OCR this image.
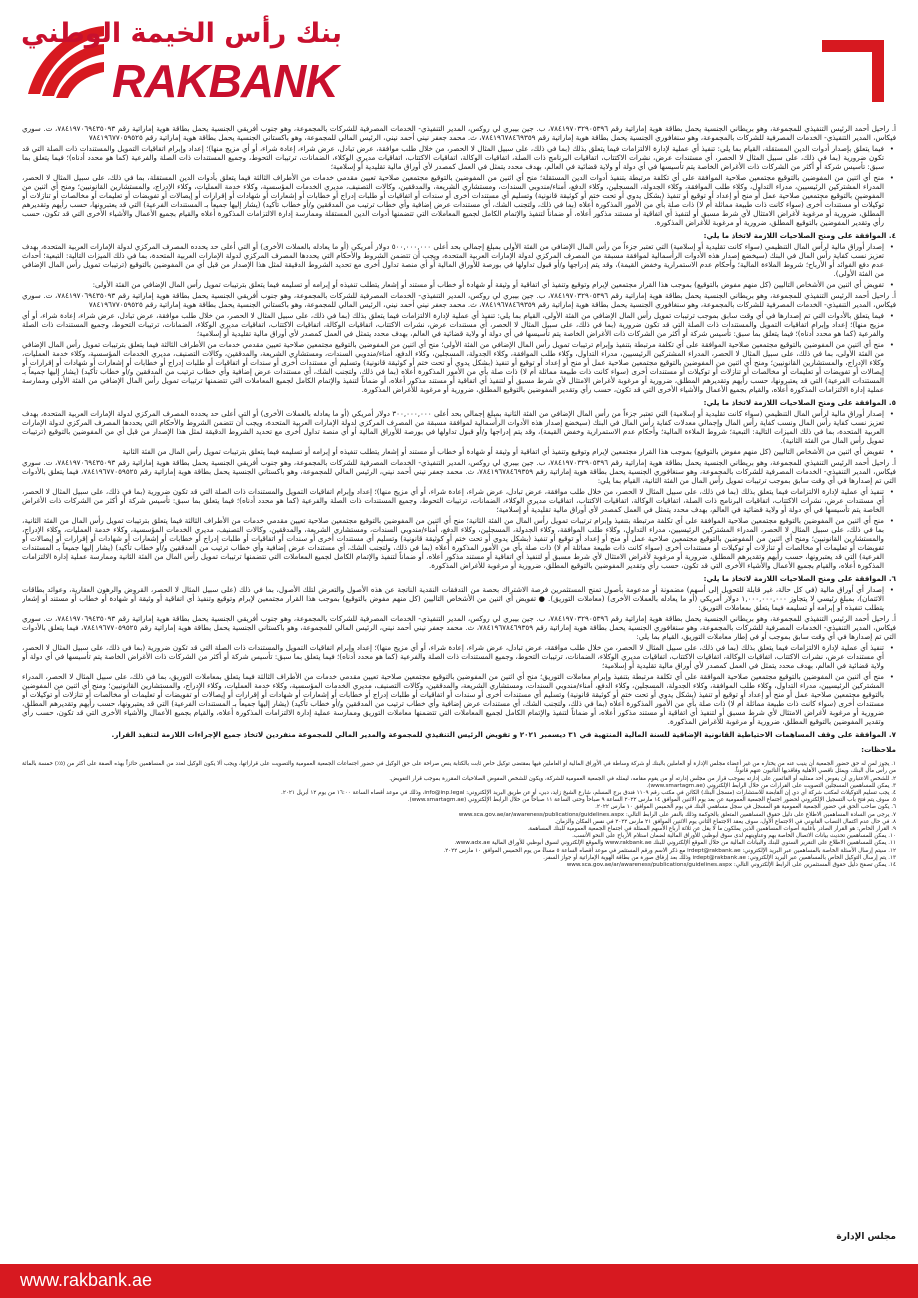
بنك رأس الخيمة الوطني
RAKBANK

أ. راحيل أحمد الرئيس التنفيذي للمجموعة، وهو بريطاني الجنسية يحمل بطاقة هوية إماراتية رقم ٧٨٤١٩٧٠٣٢٩٠٥٣٩٦، ب. جين بيبري لي روكس، المدير التنفيذي- الخدمات المصرفية للشركات بالمجموعة، وهو جنوب أفريقي الجنسية يحمل بطاقة هوية إماراتية رقم ٧٨٤١٩٧٠٦٩٤٣٥٠٩٣، ت. سوري فيكاس، المدير التنفيذي- الخدمات المصرفية للشركات بالمجموعة، وهو سنغافوري الجنسية يحمل بطاقة هوية إماراتية رقم ٧٨٤١٩٦٧٨٤٦٩٣٥٩، ث. محمد جعفر نيني أحمد نيني، الرئيس المالي للمجموعة، وهو باكستاني الجنسية يحمل بطاقة هوية إماراتية رقم ٧٨٤١٩٦٧٧٠٥٩٥٢٥

• فيما يتعلق بإصدار أدوات الدين المستقلة، القيام بما يلي: تنفيذ أي عملية لإدارة الالتزامات فيما يتعلق بذلك (بما في ذلك، على سبيل المثال لا الحصر، من خلال طلب موافقة، عرض تبادل، عرض شراء، إعادة شراء، أو أي مزيج منها)؛ إعداد وإبرام اتفاقيات التمويل والمستندات ذات الصلة التي قد تكون ضرورية (بما في ذلك، على سبيل المثال لا الحصر، أي مستندات عرض، نشرات الاكتتاب، اتفاقيات البرنامج ذات الصلة، اتفاقيات الوكالة، اتفاقيات الاكتتاب، اتفاقيات مديري الوكلاء، الضمانات، ترتيبات التحوط، وجميع المستندات ذات الصلة والفرعية (كما هو محدد أدناه)؛ فيما يتعلق بما سبق: تأسيس شركة أو أكثر من الشركات ذات الأغراض الخاصة يتم تأسيسها في أي دولة أو ولاية قضائية في العالم، بهدف محدد يتمثل في العمل كمصدر لأي أوراق مالية تقليدية أو إسلامية؛

• منح أي اثنين من المفوضين بالتوقيع مجتمعين صلاحية الموافقة على أي تكلفة مرتبطة بتنفيذ أدوات الدين المستقلة؛ منح أي اثنين من المفوضين بالتوقيع مجتمعين صلاحية تعيين مقدمي خدمات من الأطراف الثالثة فيما يتعلق بأدوات الدين المستقلة، بما في ذلك، على سبيل المثال لا الحصر، المدراء المشتركين الرئيسيين، مدراء التداول، وكلاء طلب الموافقة، وكلاء الجدولة، المسجلين، وكلاء الدفع، أمناء/مندوبي السندات، ومستشاري الشريعة، والمدققين، وكالات التصنيف، مديري الخدمات المؤسسية، وكلاء خدمة العمليات، وكلاء الإدراج، والمستشارين القانونيين؛ ومنح أي اثنين من المفوضين بالتوقيع مجتمعين صلاحية عمل أو منح أو إعداد أو توقيع أو تنفيذ (بشكل يدوي أو تحت ختم أو كوثيقة قانونية) وتسليم أي مستندات أخرى أو سندات أو اتفاقيات أو طلبات إدراج أو خطابات أو إشعارات أو شهادات أو إقرارات أو إيصالات أو تفويضات أو تعليمات أو مخالصات أو تنازلات أو توكيلات أو مستندات أخرى (سواء كانت ذات طبيعة مماثلة أم لا) ذات صلة بأي من الأمور المذكورة أعلاه (بما في ذلك، ولتجنب الشك، أي مستندات عرض إضافية وأي خطاب ترتيب من المدققين و/أو خطاب تأكيد) (يشار إليها جميعاً بـ المستندات الفرعية) التي قد يعتبرونها، حسب رأيهم وتقديرهم المطلق، ضرورية أو مرغوبة لأغراض الامتثال لأي شرط مسبق أو لتنفيذ أي اتفاقية أو مستند مذكور أعلاه، أو ضماناً لتنفيذ والإتمام الكامل لجميع المعاملات التي تتضمنها أدوات الدين المستقلة وممارسة إدارة الالتزامات المذكورة أعلاه والقيام بجميع الأعمال والأشياء الأخرى التي قد تكون، حسب رأي وتقدير المفوضين بالتوقيع المطلق، ضرورية أو مرغوبة للأغراض المذكورة.

٤. الموافقة على ومنح الصلاحيات اللازمة لاتخاذ ما يلي:

• إصدار أوراق مالية لرأس المال التنظيمي (سواء كانت تقليدية أو إسلامية) التي تعتبر جزءاً من رأس المال الإضافي من الفئة الأولى بمبلغ إجمالي بحد أعلى ٥٠٠,٠٠٠,٠٠٠ دولار أمريكي (أو ما يعادله بالعملات الأخرى) أو التي أعلى حد يحدده المصرف المركزي لدولة الإمارات العربية المتحدة، بهدف تعزيز نسب كفاية رأس المال في البنك (سيخضع إصدار هذه الأدوات الرأسمالية لموافقة مسبقة من المصرف المركزي لدولة الإمارات العربية المتحدة، ويجب أن تتضمن الشروط والأحكام التي يحددها المصرف المركزي لدولة الإمارات العربية المتحدة، بما في ذلك الميزات التالية: التبعية؛ أحداث عدم دفع الفوائد أو الأرباح؛ شروط الملاءة المالية؛ وأحكام عدم الاستمرارية وخفض القيمة)، وقد يتم إدراجها و/أو قبول تداولها في بورصة للأوراق المالية أو أي منصة تداول أخرى مع تحديد الشروط الدقيقة لمثل هذا الإصدار من قبل أي من المفوضين بالتوقيع (ترتيبات تمويل رأس المال الإضافي من الفئة الأولى).

• تفويض أي اثنين من الأشخاص التاليين (كل منهم مفوض بالتوقيع) بموجب هذا القرار مجتمعين لإبرام وتوقيع وتنفيذ أي اتفاقية أو وثيقة أو شهادة أو خطاب أو مستند أو إشعار يتطلب تنفيذه أو إبرامه أو تسليمه فيما يتعلق بترتيبات تمويل رأس المال الإضافي من الفئة الأولى:

أ. راحيل أحمد الرئيس التنفيذي للمجموعة، وهو بريطاني الجنسية يحمل بطاقة هوية إماراتية رقم ٧٨٤١٩٧٠٣٢٩٠٥٣٩٦، ب. جين بيبري لي روكس، المدير التنفيذي- الخدمات المصرفية للشركات بالمجموعة، وهو جنوب أفريقي الجنسية يحمل بطاقة هوية إماراتية رقم ٧٨٤١٩٧٠٦٩٤٣٥٠٩٣، ت. سوري فيكاس، المدير التنفيذي- الخدمات المصرفية للشركات بالمجموعة، وهو سنغافوري الجنسية يحمل بطاقة هوية إماراتية رقم ٧٨٤١٩٦٧٨٤٦٩٣٥٩، ث. محمد جعفر نيني أحمد نيني، الرئيس المالي للمجموعة، وهو باكستاني الجنسية يحمل بطاقة هوية إماراتية رقم ٧٨٤١٩٦٧٧٠٥٩٥٢٥

• فيما يتعلق بالأدوات التي تم إصدارها في أي وقت سابق بموجب ترتيبات تمويل رأس المال الإضافي من الفئة الأولى، القيام بما يلي: تنفيذ أي عملية لإدارة الالتزامات فيما يتعلق بذلك (بما في ذلك، على سبيل المثال لا الحصر، من خلال طلب موافقة، عرض تبادل، عرض شراء، إعادة شراء، أو أي مزيج منها)؛ إعداد وإبرام اتفاقيات التمويل والمستندات ذات الصلة التي قد تكون ضرورية (بما في ذلك، على سبيل المثال لا الحصر، أي مستندات عرض، نشرات الاكتتاب، اتفاقيات الوكالة، اتفاقيات الاكتتاب، اتفاقيات مديري الوكلاء، الضمانات، ترتيبات التحوط، وجميع المستندات ذات الصلة والفرعية (كما هو محدد أدناه)؛ فيما يتعلق بما سبق: تأسيس شركة أو أكثر من الشركات ذات الأغراض الخاصة يتم تأسيسها في أي دولة أو ولاية قضائية في العالم، بهدف محدد يتمثل في العمل كمصدر لأي أوراق مالية تقليدية أو إسلامية؛

• منح أي اثنين من المفوضين بالتوقيع مجتمعين صلاحية الموافقة على أي تكلفة مرتبطة بتنفيذ وإبرام ترتيبات تمويل رأس المال الإضافي من الفئة الأولى؛ منح أي اثنين من المفوضين بالتوقيع مجتمعين صلاحية تعيين مقدمي خدمات من الأطراف الثالثة فيما يتعلق بترتيبات تمويل رأس المال الإضافي من الفئة الأولى، بما في ذلك، على سبيل المثال لا الحصر، المدراء المشتركين الرئيسيين، مدراء التداول، وكلاء طلب الموافقة، وكلاء الجدولة، المسجلين، وكلاء الدفع، أمناء/مندوبي السندات، ومستشاري الشريعة، والمدققين، وكالات التصنيف، مديري الخدمات المؤسسية، وكلاء خدمة العمليات، وكلاء الإدراج، والمستشارين القانونيين؛ ومنح أي اثنين من المفوضين بالتوقيع مجتمعين صلاحية عمل أو منح أو إعداد أو توقيع أو تنفيذ (بشكل يدوي أو تحت ختم أو كوثيقة قانونية) وتسليم أي مستندات أخرى أو سندات أو اتفاقيات أو طلبات إدراج أو خطابات أو إشعارات أو شهادات أو إقرارات أو إيصالات أو تفويضات أو تعليمات أو مخالصات أو تنازلات أو توكيلات أو مستندات أخرى (سواء كانت ذات طبيعة مماثلة أم لا) ذات صلة بأي من الأمور المذكورة أعلاه (بما في ذلك، ولتجنب الشك، أي مستندات عرض إضافية وأي خطاب ترتيب من المدققين و/أو خطاب تأكيد) (يشار إليها جميعاً بـ المستندات الفرعية) التي قد يعتبرونها، حسب رأيهم وتقديرهم المطلق، ضرورية أو مرغوبة لأغراض الامتثال لأي شرط مسبق أو لتنفيذ أي اتفاقية أو مستند مذكور أعلاه، أو ضماناً لتنفيذ والإتمام الكامل لجميع المعاملات التي تتضمنها ترتيبات تمويل رأس المال الإضافي من الفئة الأولى وممارسة عملية إدارة الالتزامات المذكورة أعلاه، والقيام بجميع الأعمال والأشياء الأخرى التي قد تكون، حسب رأي وتقدير المفوضين بالتوقيع المطلق، ضرورية أو مرغوبة للأغراض المذكورة.

٥. الموافقة على ومنح الصلاحيات اللازمة لاتخاذ ما يلي:

• إصدار أوراق مالية لرأس المال التنظيمي (سواء كانت تقليدية أو إسلامية) التي تعتبر جزءاً من رأس المال الإضافي من الفئة الثانية بمبلغ إجمالي بحد أعلى ٣٠٠,٠٠٠,٠٠٠ دولار أمريكي (أو ما يعادله بالعملات الأخرى) أو التي أعلى حد يحدده المصرف المركزي لدولة الإمارات العربية المتحدة، بهدف تعزيز نسب كفاية رأس المال ونسب كفاية رأس المال وإجمالي معدلات كفاية رأس المال في البنك (سيخضع إصدار هذه الأدوات الرأسمالية لموافقة مسبقة من المصرف المركزي لدولة الإمارات العربية المتحدة، ويجب أن تتضمن الشروط والأحكام التي يحددها المصرف المركزي لدولة الإمارات العربية المتحدة، بما في ذلك الميزات التالية: التبعية؛ شروط الملاءة المالية؛ وأحكام عدم الاستمرارية وخفض القيمة)، وقد يتم إدراجها و/أو قبول تداولها في بورصة للأوراق المالية أو أي منصة تداول أخرى مع تحديد الشروط الدقيقة لمثل هذا الإصدار من قبل أي من المفوضين بالتوقيع (ترتيبات تمويل رأس المال من الفئة الثانية).

• تفويض أي اثنين من الأشخاص التاليين (كل منهم مفوض بالتوقيع) بموجب هذا القرار مجتمعين لإبرام وتوقيع وتنفيذ أي اتفاقية أو وثيقة أو شهادة أو خطاب أو مستند أو إشعار يتطلب تنفيذه أو إبرامه أو تسليمه فيما يتعلق بترتيبات تمويل رأس المال من الفئة الثانية

أ. راحيل أحمد الرئيس التنفيذي للمجموعة، وهو بريطاني الجنسية يحمل بطاقة هوية إماراتية رقم ٧٨٤١٩٧٠٣٢٩٠٥٣٩٦، ب. جين بيبري لي روكس، المدير التنفيذي- الخدمات المصرفية للشركات بالمجموعة، وهو جنوب أفريقي الجنسية يحمل بطاقة هوية إماراتية رقم ٧٨٤١٩٧٠٦٩٤٣٥٠٩٣، ت. سوري فيكاس، المدير التنفيذي- الخدمات المصرفية للشركات بالمجموعة، وهو سنغافوري الجنسية يحمل بطاقة هوية إماراتية رقم ٧٨٤١٩٦٧٨٤٦٩٣٥٩، ث. محمد جعفر نيني أحمد نيني، الرئيس المالي للمجموعة، وهو باكستاني الجنسية يحمل بطاقة هوية إماراتية رقم ٧٨٤١٩٦٧٧٠٥٩٥٢٥، فيما يتعلق بالأدوات التي تم إصدارها في أي وقت سابق بموجب ترتيبات تمويل رأس المال من الفئة الثانية، القيام بما يلي:

• تنفيذ أي عملية لإدارة الالتزامات فيما يتعلق بذلك (بما في ذلك، على سبيل المثال لا الحصر، من خلال طلب موافقة، عرض تبادل، عرض شراء، إعادة شراء، أو أي مزيج منها)؛ إعداد وإبرام اتفاقيات التمويل والمستندات ذات الصلة التي قد تكون ضرورية (بما في ذلك، على سبيل المثال لا الحصر، أي مستندات عرض، نشرات الاكتتاب، اتفاقيات البرنامج ذات الصلة، اتفاقيات الوكالة، اتفاقيات الاكتتاب، اتفاقيات مديري الوكلاء، الضمانات، ترتيبات التحوط، وجميع المستندات ذات الصلة والفرعية (كما هو محدد أدناه)؛ فيما يتعلق بما سبق: تأسيس شركة أو أكثر من الشركات ذات الأغراض الخاصة يتم تأسيسها في أي دولة أو ولاية قضائية في العالم، بهدف محدد يتمثل في العمل كمصدر لأي أوراق مالية تقليدية أو إسلامية؛

• منح أي اثنين من المفوضين بالتوقيع مجتمعين صلاحية الموافقة على أي تكلفة مرتبطة بتنفيذ وإبرام ترتيبات تمويل رأس المال من الفئة الثانية؛ منح أي اثنين من المفوضين بالتوقيع مجتمعين صلاحية تعيين مقدمي خدمات من الأطراف الثالثة فيما يتعلق بترتيبات تمويل رأس المال من الفئة الثانية، بما في ذلك، على سبيل المثال لا الحصر، المدراء المشتركين الرئيسيين، مدراء التداول، وكلاء طلب الموافقة، وكلاء الجدولة، المسجلين، وكلاء الدفع، أمناء/مندوبي السندات، ومستشاري الشريعة، والمدققين، وكالات التصنيف، مديري الخدمات المؤسسية، وكلاء خدمة العمليات، وكلاء الإدراج، والمستشارين القانونيين؛ ومنح أي اثنين من المفوضين بالتوقيع مجتمعين صلاحية عمل أو منح أو إعداد أو توقيع أو تنفيذ (بشكل يدوي أو تحت ختم أو كوثيقة قانونية) وتسليم أي مستندات أخرى أو سندات أو اتفاقيات أو طلبات إدراج أو خطابات أو إشعارات أو شهادات أو إقرارات أو إيصالات أو تفويضات أو تعليمات أو مخالصات أو تنازلات أو توكيلات أو مستندات أخرى (سواء كانت ذات طبيعة مماثلة أم لا) ذات صلة بأي من الأمور المذكورة أعلاه (بما في ذلك، ولتجنب الشك، أي مستندات عرض إضافية وأي خطاب ترتيب من المدققين و/أو خطاب تأكيد) (يشار إليها جميعاً بـ المستندات الفرعية) التي قد يعتبرونها، حسب رأيهم وتقديرهم المطلق، ضرورية أو مرغوبة لأغراض الامتثال لأي شرط مسبق أو لتنفيذ أي اتفاقية أو مستند مذكور أعلاه، أو ضماناً لتنفيذ والإتمام الكامل لجميع المعاملات التي تتضمنها ترتيبات تمويل رأس المال من الفئة الثانية وممارسة عملية إدارة الالتزامات المذكورة أعلاه، والقيام بجميع الأعمال والأشياء الأخرى التي قد تكون، حسب رأي وتقدير المفوضين بالتوقيع المطلق، ضرورية أو مرغوبة للأغراض المذكورة.

٦. الموافقة على ومنح الصلاحيات اللازمة لاتخاذ ما يلي:

• إصدار أي أوراق مالية (في كل حالة، غير قابلة للتحويل إلى أسهم) مضمونة أو مدعومة بأصول تمنح المستثمرين فرصة الاشتراك بحصة من التدفقات النقدية الناتجة عن هذه الأصول والتعرض لتلك الأصول، بما في ذلك (على سبيل المثال لا الحصر، القروض والرهون العقارية، وعوائد بطاقات الائتمان)، بمبلغ رئيسي لا يتجاوز ١,٠٠٠,٠٠٠,٠٠٠ دولار أمريكي (أو ما يعادله بالعملات الأخرى) (معاملات التوريق). ● تفويض أي اثنين من الأشخاص التاليين (كل منهم مفوض بالتوقيع) بموجب هذا القرار مجتمعين لإبرام وتوقيع وتنفيذ أي اتفاقية أو وثيقة أو شهادة أو خطاب أو مستند أو إشعار يتطلب تنفيذه أو إبرامه أو تسليمه فيما يتعلق بمعاملات التوريق:

أ. راحيل أحمد الرئيس التنفيذي للمجموعة، وهو بريطاني الجنسية يحمل بطاقة هوية إماراتية رقم ٧٨٤١٩٧٠٣٢٩٠٥٣٩٦، ب. جين بيبري لي روكس، المدير التنفيذي- الخدمات المصرفية للشركات بالمجموعة، وهو جنوب أفريقي الجنسية يحمل بطاقة هوية إماراتية رقم ٧٨٤١٩٧٠٦٩٤٣٥٠٩٣، ت. سوري فيكاس، المدير التنفيذي- الخدمات المصرفية للشركات بالمجموعة، وهو سنغافوري الجنسية يحمل بطاقة هوية إماراتية رقم ٧٨٤١٩٦٧٨٤٦٩٣٥٩، ث. محمد جعفر نيني أحمد نيني، الرئيس المالي للمجموعة، وهو باكستاني الجنسية يحمل بطاقة هوية إماراتية رقم ٧٨٤١٩٦٧٧٠٥٩٥٢٥، فيما يتعلق بالأدوات التي تم إصدارها في أي وقت سابق بموجب أو في إطار معاملات التوريق، القيام بما يلي:

• تنفيذ أي عملية لإدارة الالتزامات فيما يتعلق بذلك (بما في ذلك، على سبيل المثال لا الحصر، من خلال طلب موافقة، عرض تبادل، عرض شراء، إعادة شراء، أو أي مزيج منها)؛ إعداد وإبرام اتفاقيات التمويل والمستندات ذات الصلة التي قد تكون ضرورية (بما في ذلك، على سبيل المثال لا الحصر، أي مستندات عرض، نشرات الاكتتاب، اتفاقيات الوكالة، اتفاقيات الاكتتاب، اتفاقيات مديري الوكلاء، الضمانات، ترتيبات التحوط، وجميع المستندات ذات الصلة والفرعية (كما هو محدد أدناه)؛ فيما يتعلق بما سبق: تأسيس شركة أو أكثر من الشركات ذات الأغراض الخاصة يتم تأسيسها في أي دولة أو ولاية قضائية في العالم، بهدف محدد يتمثل في العمل كمصدر لأي أوراق مالية تقليدية أو إسلامية؛

• منح أي اثنين من المفوضين بالتوقيع مجتمعين صلاحية الموافقة على أي تكلفة مرتبطة بتنفيذ وإبرام معاملات التوريق؛ منح أي اثنين من المفوضين بالتوقيع مجتمعين صلاحية تعيين مقدمي خدمات من الأطراف الثالثة فيما يتعلق بمعاملات التوريق، بما في ذلك، على سبيل المثال لا الحصر، المدراء المشتركين الرئيسيين، مدراء التداول، وكلاء طلب الموافقة، وكلاء الجدولة، المسجلين، وكلاء الدفع، أمناء/مندوبي السندات، ومستشاري الشريعة، والمدققين، وكالات التصنيف، مديري الخدمات المؤسسية، وكلاء خدمة العمليات، وكلاء الإدراج، والمستشارين القانونيين؛ ومنح أي اثنين من المفوضين بالتوقيع مجتمعين صلاحية عمل أو منح أو إعداد أو توقيع أو تنفيذ (بشكل يدوي أو تحت ختم أو كوثيقة قانونية) وتسليم أي مستندات أخرى أو سندات أو اتفاقيات أو طلبات إدراج أو خطابات أو إشعارات أو شهادات أو إقرارات أو إيصالات أو تفويضات أو تعليمات أو مخالصات أو تنازلات أو توكيلات أو مستندات أخرى (سواء كانت ذات طبيعة مماثلة أم لا) ذات صلة بأي من الأمور المذكورة أعلاه (بما في ذلك، ولتجنب الشك، أي مستندات عرض إضافية وأي خطاب ترتيب من المدققين و/أو خطاب تأكيد) (يشار إليها جميعاً بـ المستندات الفرعية) التي قد يعتبرونها، حسب رأيهم وتقديرهم المطلق، ضرورية أو مرغوبة لأغراض الامتثال لأي شرط مسبق أو لتنفيذ أي اتفاقية أو مستند مذكور أعلاه، أو ضماناً لتنفيذ والإتمام الكامل لجميع المعاملات التي تتضمنها معاملات التوريق وممارسة عملية إدارة الالتزامات المذكورة أعلاه، والقيام بجميع الأعمال والأشياء الأخرى التي قد تكون، حسب رأي وتقدير المفوضين بالتوقيع المطلق، ضرورية أو مرغوبة للأغراض المذكورة.

٧. الموافقة على وقف المساهمات الاحتياطية القانونية الإضافية للسنة المالية المنتهية في ٣١ ديسمبر ٢٠٢١ و تفويض الرئيس التنفيذي للمجموعة والمدير المالي للمجموعة منفردين لاتخاذ جميع الإجراءات اللازمة لتنفيذ القرار.

ملاحظات:

١. يجوز لمن له حق حضور الجمعية أن ينيب عنه من يختاره من غير أعضاء مجلس الإدارة أو العاملين بالبنك أو شركة وساطة في الأوراق المالية أو العاملين فيها بمقتضى توكيل خاص ثابت بالكتابة ينص صراحة على حق الوكيل في حضور اجتماعات الجمعية العمومية والتصويت على قراراتها، ويجب ألا يكون الوكيل لعدد من المساهمين حائزاً بهذه الصفة على أكثر من (٥٪) خمسة بالمائة من رأس مال البنك، ويمثل ناقصي الأهلية وفاقديها النائبون عنهم قانوناً.

٢. للشخص الاعتباري أن يفوض أحد ممثليه أو القائمين على إدارته بموجب قرار من مجلس إدارته أو من يقوم مقامه، ليمثله في الجمعية العمومية للشركة، ويكون للشخص المفوض الصلاحيات المقررة بموجب قرار التفويض.

٣. يمكن للمساهمين المسجلين التصويت على القرارات من خلال الرابط الإلكتروني (www.smartagm.ae).

٤. يجب تسليم التوكيلات لمكتب شركة أي دي إن القابضة للاستشارات (مسجل البنك) الكائن في مكتب رقم ١١٠٩ فندق برج المسلم، شارع الشيخ زايد، دبي، أو عن طريق البريد الإلكتروني: info@inp.legal، وذلك في موعد أقصاه الساعة ١٦:٠٠ من يوم ١٢ أبريل ٢٠٢١.

٥. سوف يتم فتح باب التسجيل الإلكتروني لحضور اجتماع الجمعية العمومية عن بعد يوم الاثنين الموافق ١٤ مارس ٢٠٢٢ الساعة ٩ صباحاً وحتى الساعة ١١ صباحاً من خلال الرابط الإلكتروني (www.smartagm.ae).

٦. يكون صاحب الحق في حضور الجمعية العمومية هو المسجل في سجل مساهمي البنك في يوم الخميس الموافق ١٠ مارس ٢٠٢٢.

٧. يرجى من السادة المساهمين الاطلاع على دليل حقوق المساهمين المتعلق بالحوكمة وذلك بالنقر على الرابط التالي: www.sca.gov.ae/ar/awareness/publications/guidelines.aspx

٨. في حال عدم اكتمال النصاب القانوني في الاجتماع الأول، سوف يعقد الاجتماع الثاني يوم الاثنين الموافق ٢١ مارس ٢٠٢٢ في نفس المكان والزمان.

٩. القرار الخاص: هو القرار الصادر بأغلبية أصوات المساهمين الذين يملكون ما لا يقل عن ثلاثة أرباع الأسهم الممثلة في اجتماع الجمعية العمومية للبنك المساهمة.

١٠. يمكن للمساهمين تحديث بيانات الاتصال الخاصة بهم وعناوينهم لدى سوق أبوظبي للأوراق المالية لضمان استلام الأرباح على النحو الأنسب.

١١. يمكن للمساهمين الاطلاع على التقرير السنوي للبنك والبيانات المالية من خلال الموقع الإلكتروني للبنك www.rakbank.ae والموقع الإلكتروني لسوق أبوظبي للأوراق المالية www.adx.ae.

١٢. سيتم إرسال الأسئلة الخاصة بالمساهمين عبر البريد الإلكتروني: irdept@rakbank.ae مع ذكر الاسم ورقم المستثمر في موعد أقصاه الساعة ٥ مساءً من يوم الخميس الموافق ١٠ مارس ٢٠٢٢.

١٣. يتم إرسال التوكيل الخاص بالمساهمين عبر البريد الإلكتروني: irdept@rakbank.ae وذلك بعد إرفاق صورة من بطاقة الهوية الإماراتية أو جواز السفر.

١٤. يمكن تصفح دليل حقوق المستثمرين على الرابط الإلكتروني التالي: www.sca.gov.ae/ar/awareness/publications/guidelines.aspx

مجلس الإدارة
www.rakbank.ae
